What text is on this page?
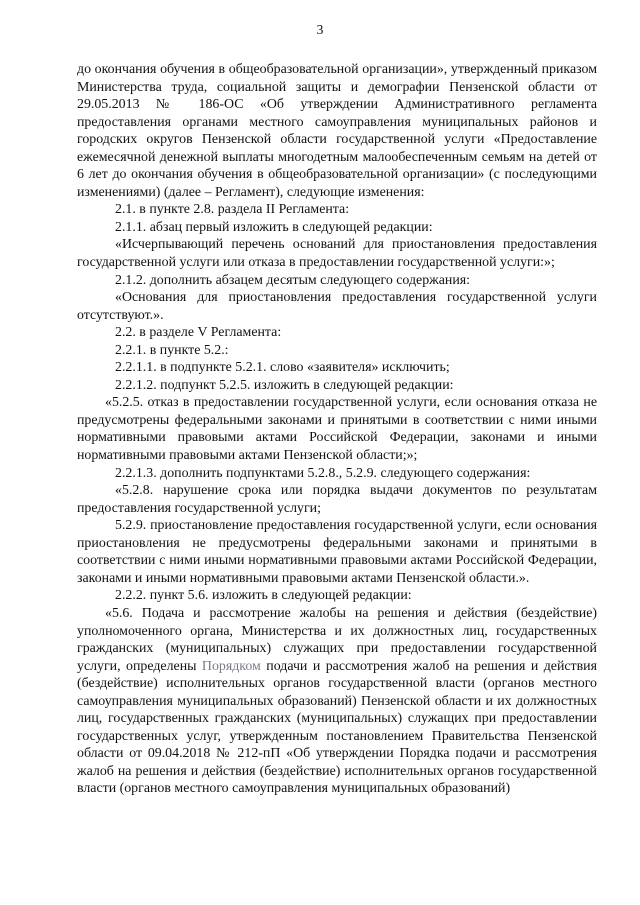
3

до окончания обучения в общеобразовательной организации», утвержденный приказом Министерства труда, социальной защиты и демографии Пензенской области от 29.05.2013 № 186-ОС «Об утверждении Административного регламента предоставления органами местного самоуправления муниципальных районов и городских округов Пензенской области государственной услуги «Предоставление ежемесячной денежной выплаты многодетным малообеспеченным семьям на детей от 6 лет до окончания обучения в общеобразовательной организации» (с последующими изменениями) (далее – Регламент), следующие изменения:

2.1. в пункте 2.8. раздела II Регламента:

2.1.1. абзац первый изложить в следующей редакции:

«Исчерпывающий перечень оснований для приостановления предоставления государственной услуги или отказа в предоставлении государственной услуги:»;

2.1.2. дополнить абзацем десятым следующего содержания:

«Основания для приостановления предоставления государственной услуги отсутствуют.».

2.2. в разделе V Регламента:

2.2.1. в пункте 5.2.:

2.2.1.1. в подпункте 5.2.1. слово «заявителя» исключить;

2.2.1.2. подпункт 5.2.5. изложить в следующей редакции:

«5.2.5. отказ в предоставлении государственной услуги, если основания отказа не предусмотрены федеральными законами и принятыми в соответствии с ними иными нормативными правовыми актами Российской Федерации, законами и иными нормативными правовыми актами Пензенской области;»;

2.2.1.3. дополнить подпунктами 5.2.8., 5.2.9. следующего содержания:

«5.2.8. нарушение срока или порядка выдачи документов по результатам предоставления государственной услуги;

5.2.9. приостановление предоставления государственной услуги, если основания приостановления не предусмотрены федеральными законами и принятыми в соответствии с ними иными нормативными правовыми актами Российской Федерации, законами и иными нормативными правовыми актами Пензенской области.».

2.2.2. пункт 5.6. изложить в следующей редакции:

«5.6. Подача и рассмотрение жалобы на решения и действия (бездействие) уполномоченного органа, Министерства и их должностных лиц, государственных гражданских (муниципальных) служащих при предоставлении государственной услуги, определены Порядком подачи и рассмотрения жалоб на решения и действия (бездействие) исполнительных органов государственной власти (органов местного самоуправления муниципальных образований) Пензенской области и их должностных лиц, государственных гражданских (муниципальных) служащих при предоставлении государственных услуг, утвержденным постановлением Правительства Пензенской области от 09.04.2018 № 212-пП «Об утверждении Порядка подачи и рассмотрения жалоб на решения и действия (бездействие) исполнительных органов государственной власти (органов местного самоуправления муниципальных образований)
